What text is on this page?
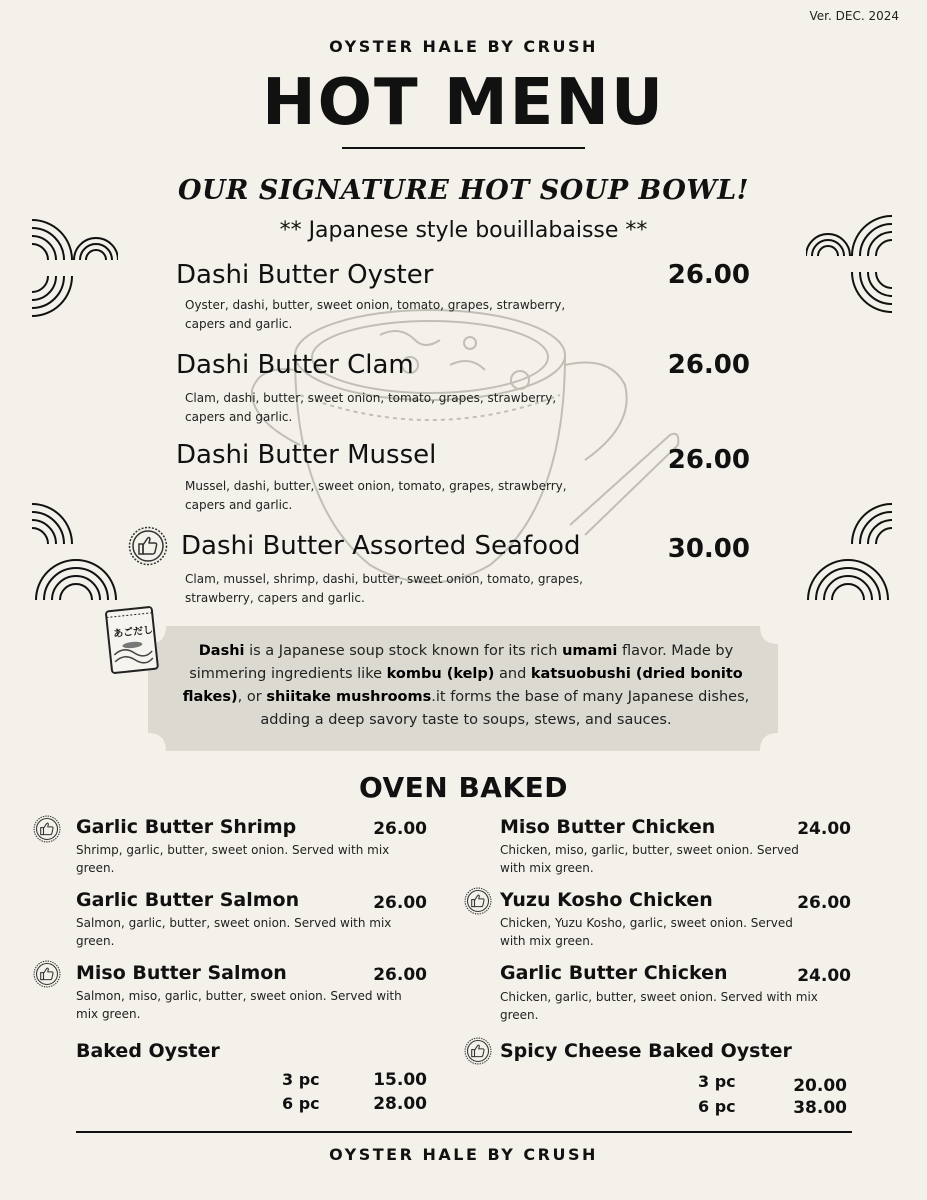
Ver. DEC. 2024
OYSTER HALE BY CRUSH
HOT MENU
OUR SIGNATURE HOT SOUP BOWL!
** Japanese style bouillabaisse **
Dashi Butter Oyster	26.00
Oyster, dashi, butter, sweet onion, tomato, grapes, strawberry,
capers and garlic.
Dashi Butter Clam	26.00
Clam, dashi, butter, sweet onion, tomato, grapes, strawberry,
capers and garlic.
Dashi Butter Mussel	26.00
Mussel, dashi, butter, sweet onion, tomato, grapes, strawberry,
capers and garlic.
Dashi Butter Assorted Seafood	30.00
Clam, mussel, shrimp, dashi, butter, sweet onion, tomato, grapes,
strawberry, capers and garlic.
あごだし
Dashi is a Japanese soup stock known for its rich umami flavor. Made by simmering ingredients like kombu (kelp) and katsuobushi (dried bonito flakes), or shiitake mushrooms.it forms the base of many Japanese dishes, adding a deep savory taste to soups, stews, and sauces.
OVEN BAKED
Garlic Butter Shrimp	26.00
Shrimp, garlic, butter, sweet onion. Served with mix
green.
Garlic Butter Salmon	26.00
Salmon, garlic, butter, sweet onion. Served with mix
green.
Miso Butter Salmon	26.00
Salmon, miso, garlic, butter, sweet onion. Served with
mix green.
Baked Oyster
3 pc	15.00
6 pc	28.00
Miso Butter Chicken	24.00
Chicken, miso, garlic, butter, sweet onion. Served
with mix green.
Yuzu Kosho Chicken	26.00
Chicken, Yuzu Kosho, garlic, sweet onion. Served
with mix green.
Garlic Butter Chicken	24.00
Chicken, garlic, butter, sweet onion. Served with mix
green.
Spicy Cheese Baked Oyster
3 pc	20.00
6 pc	38.00
OYSTER HALE BY CRUSH
